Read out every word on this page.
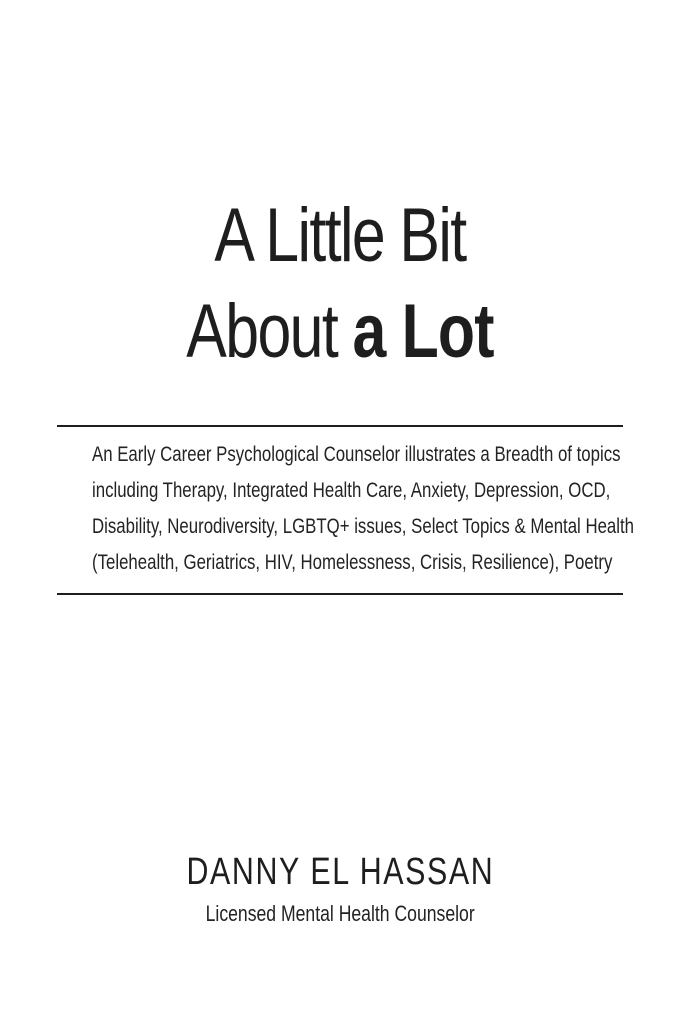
A Little Bit
About a Lot
An Early Career Psychological Counselor illustrates a Breadth of topics
including Therapy, Integrated Health Care, Anxiety, Depression, OCD,
Disability, Neurodiversity, LGBTQ+ issues, Select Topics & Mental Health
(Telehealth, Geriatrics, HIV, Homelessness, Crisis, Resilience), Poetry
DANNY EL HASSAN
Licensed Mental Health Counselor
